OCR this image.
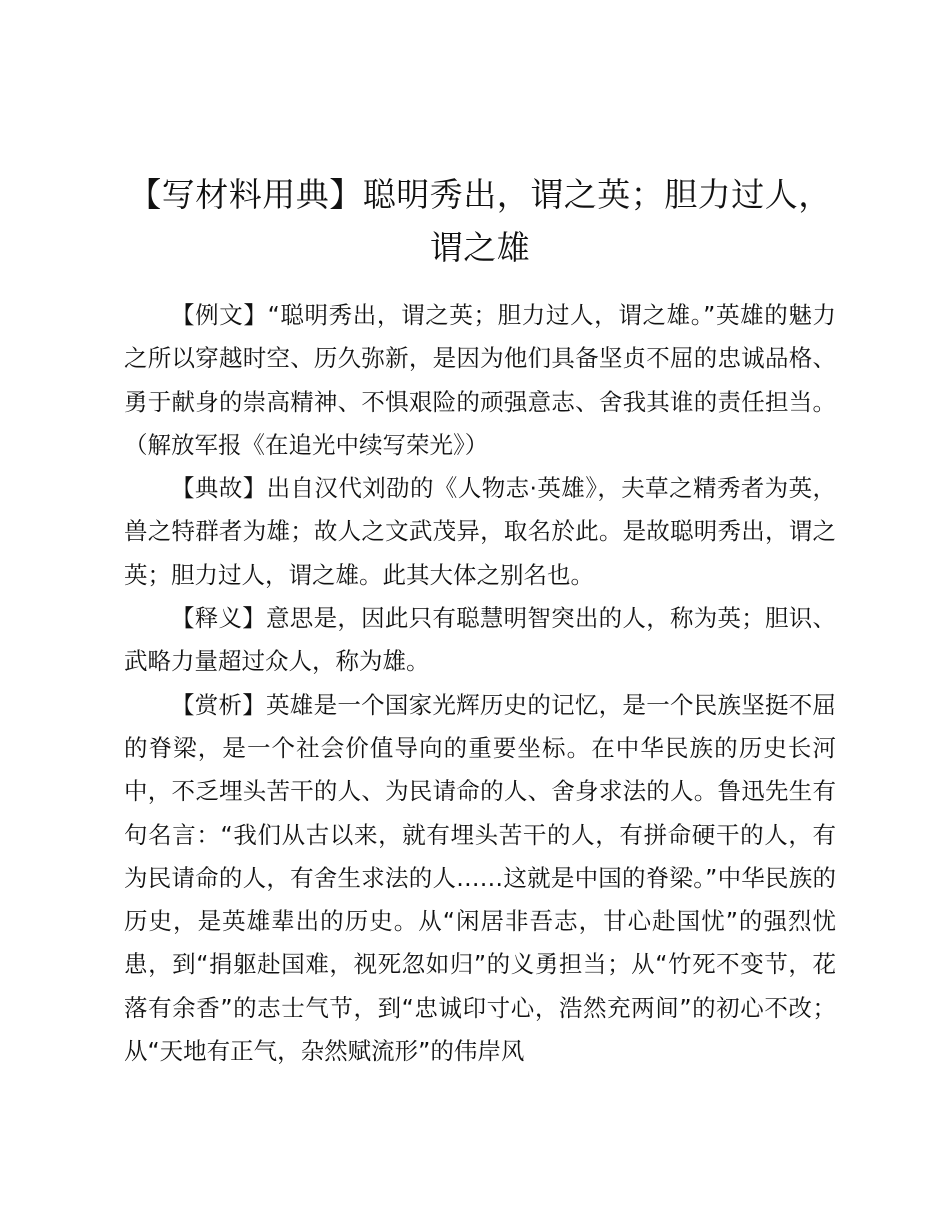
【写材料用典】聪明秀出，谓之英；胆力过人，谓之雄

【例文】“聪明秀出，谓之英；胆力过人，谓之雄。”英雄的魅力之所以穿越时空、历久弥新，是因为他们具备坚贞不屈的忠诚品格、勇于献身的崇高精神、不惧艰险的顽强意志、舍我其谁的责任担当。（解放军报《在追光中续写荣光》）

【典故】出自汉代刘劭的《人物志·英雄》，夫草之精秀者为英，兽之特群者为雄；故人之文武茂异，取名於此。是故聪明秀出，谓之英；胆力过人，谓之雄。此其大体之别名也。

【释义】意思是，因此只有聪慧明智突出的人，称为英；胆识、武略力量超过众人，称为雄。

【赏析】英雄是一个国家光辉历史的记忆，是一个民族坚挺不屈的脊梁，是一个社会价值导向的重要坐标。在中华民族的历史长河中，不乏埋头苦干的人、为民请命的人、舍身求法的人。鲁迅先生有句名言：“我们从古以来，就有埋头苦干的人，有拼命硬干的人，有为民请命的人，有舍生求法的人……这就是中国的脊梁。”中华民族的历史，是英雄辈出的历史。从“闲居非吾志，甘心赴国忧”的强烈忧患，到“捐躯赴国难，视死忽如归”的义勇担当；从“竹死不变节，花落有余香”的志士气节，到“忠诚印寸心，浩然充两间”的初心不改；从“天地有正气，杂然赋流形”的伟岸风
